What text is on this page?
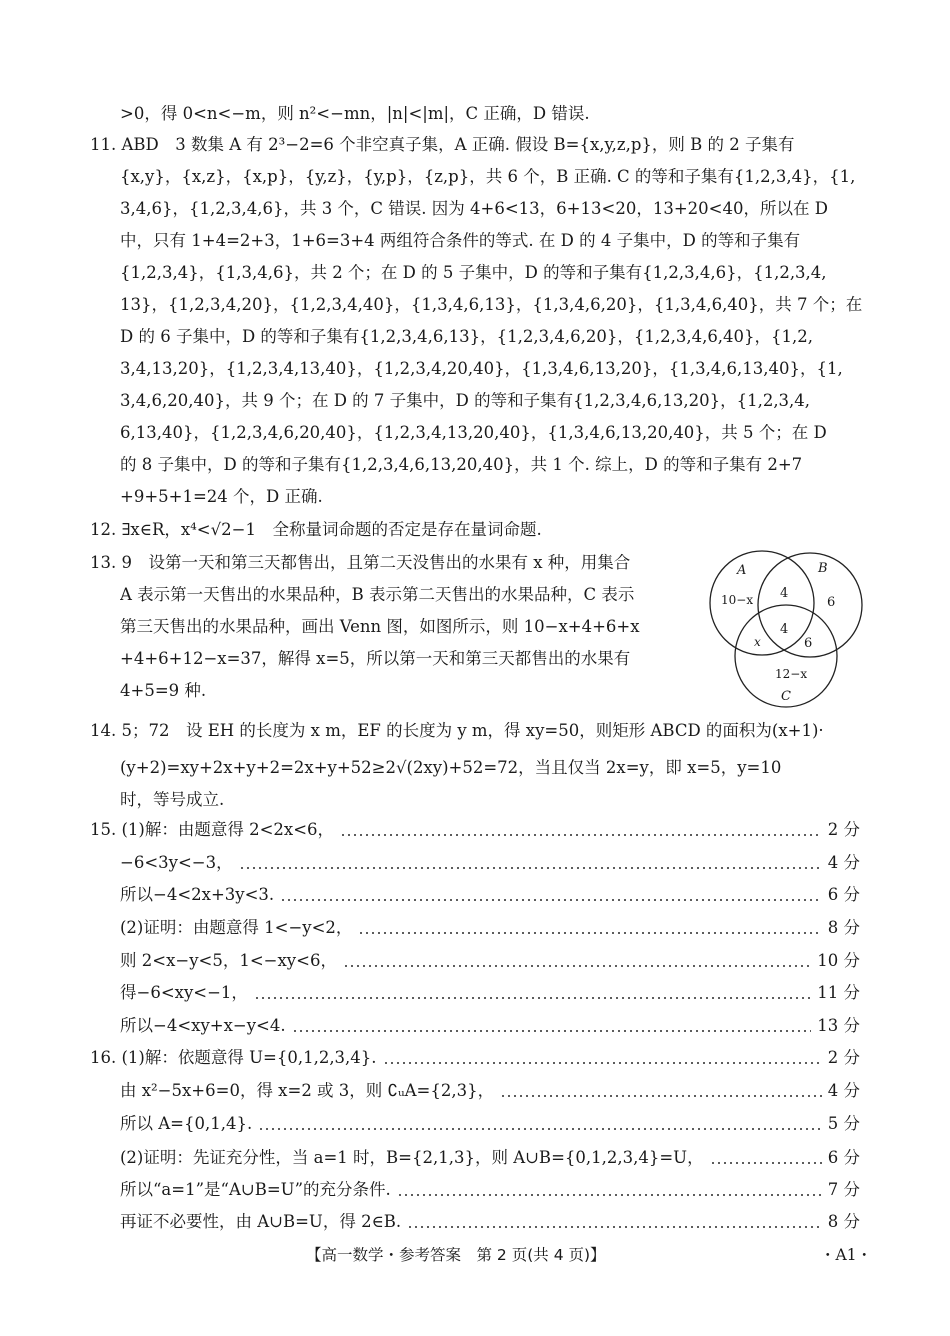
>0，得 0<n<−m，则 n²<−mn，|n|<|m|，C 正确，D 错误.
11. ABD　3 数集 A 有 2³−2=6 个非空真子集，A 正确. 假设 B={x,y,z,p}，则 B 的 2 子集有
{x,y}，{x,z}，{x,p}，{y,z}，{y,p}，{z,p}，共 6 个，B 正确. C 的等和子集有{1,2,3,4}，{1,
3,4,6}，{1,2,3,4,6}，共 3 个，C 错误. 因为 4+6<13，6+13<20，13+20<40，所以在 D
中，只有 1+4=2+3，1+6=3+4 两组符合条件的等式. 在 D 的 4 子集中，D 的等和子集有
{1,2,3,4}，{1,3,4,6}，共 2 个；在 D 的 5 子集中，D 的等和子集有{1,2,3,4,6}，{1,2,3,4,
13}，{1,2,3,4,20}，{1,2,3,4,40}，{1,3,4,6,13}，{1,3,4,6,20}，{1,3,4,6,40}，共 7 个；在
D 的 6 子集中，D 的等和子集有{1,2,3,4,6,13}，{1,2,3,4,6,20}，{1,2,3,4,6,40}，{1,2,
3,4,13,20}，{1,2,3,4,13,40}，{1,2,3,4,20,40}，{1,3,4,6,13,20}，{1,3,4,6,13,40}，{1,
3,4,6,20,40}，共 9 个；在 D 的 7 子集中，D 的等和子集有{1,2,3,4,6,13,20}，{1,2,3,4,
6,13,40}，{1,2,3,4,6,20,40}，{1,2,3,4,13,20,40}，{1,3,4,6,13,20,40}，共 5 个；在 D
的 8 子集中，D 的等和子集有{1,2,3,4,6,13,20,40}，共 1 个. 综上，D 的等和子集有 2+7
+9+5+1=24 个，D 正确.
12. ∃x∈R，x⁴<√2−1　全称量词命题的否定是存在量词命题.
13. 9　设第一天和第三天都售出，且第二天没售出的水果有 x 种，用集合
A 表示第一天售出的水果品种，B 表示第二天售出的水果品种，C 表示
第三天售出的水果品种，画出 Venn 图，如图所示，则 10−x+4+6+x
+4+6+12−x=37，解得 x=5，所以第一天和第三天都售出的水果有
4+5=9 种.
14. 5；72　设 EH 的长度为 x m，EF 的长度为 y m，得 xy=50，则矩形 ABCD 的面积为(x+1)·
(y+2)=xy+2x+y+2=2x+y+52≥2√(2xy)+52=72，当且仅当 2x=y，即 x=5，y=10
时，等号成立.
A	B
C
10−x 4
6
x
4
6
12−x
15. (1)解：由题意得 2<2x<6，	2 分
−6<3y<−3，	4 分
所以−4<2x+3y<3.	6 分
(2)证明：由题意得 1<−y<2，	8 分
则 2<x−y<5，1<−xy<6，	10 分
得−6<xy<−1，	11 分
所以−4<xy+x−y<4.	13 分
16. (1)解：依题意得 U={0,1,2,3,4}.	2 分
由 x²−5x+6=0，得 x=2 或 3，则 ∁ᵤA={2,3}，	4 分
所以 A={0,1,4}.	5 分
(2)证明：先证充分性，当 a=1 时，B={2,1,3}，则 A∪B={0,1,2,3,4}=U，	6 分
所以“a=1”是“A∪B=U”的充分条件.	7 分
再证不必要性，由 A∪B=U，得 2∈B.	8 分
【高一数学・参考答案　第 2 页(共 4 页)】	・A1・
